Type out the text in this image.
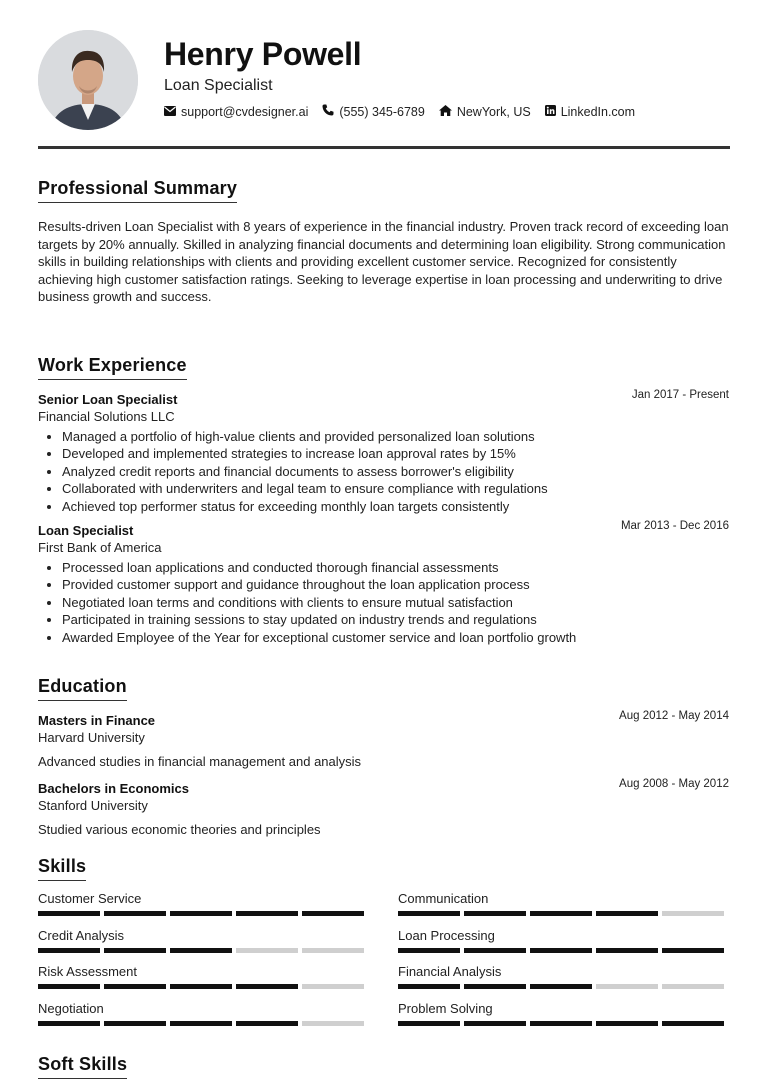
Henry Powell
Loan Specialist
support@cvdesigner.ai (555) 345-6789	NewYork, US LinkedIn.com
Professional Summary
Results-driven Loan Specialist with 8 years of experience in the financial industry. Proven track record of exceeding loan targets by 20% annually. Skilled in analyzing financial documents and determining loan eligibility. Strong communication skills in building relationships with clients and providing excellent customer service. Recognized for consistently achieving high customer satisfaction ratings. Seeking to leverage expertise in loan processing and underwriting to drive business growth and success.
Work Experience
Senior Loan Specialist	Jan 2017 - Present
Financial Solutions LLC
• Managed a portfolio of high-value clients and provided personalized loan solutions
• Developed and implemented strategies to increase loan approval rates by 15%
• Analyzed credit reports and financial documents to assess borrower's eligibility
• Collaborated with underwriters and legal team to ensure compliance with regulations
• Achieved top performer status for exceeding monthly loan targets consistently
Loan Specialist	Mar 2013 - Dec 2016
First Bank of America
• Processed loan applications and conducted thorough financial assessments
• Provided customer support and guidance throughout the loan application process
• Negotiated loan terms and conditions with clients to ensure mutual satisfaction
• Participated in training sessions to stay updated on industry trends and regulations
• Awarded Employee of the Year for exceptional customer service and loan portfolio growth
Education
Masters in Finance	Aug 2012 - May 2014
Harvard University
Advanced studies in financial management and analysis
Bachelors in Economics	Aug 2008 - May 2012
Stanford University
Studied various economic theories and principles
Skills
Customer Service	Communication
Credit Analysis	Loan Processing
Risk Assessment	Financial Analysis
Negotiation	Problem Solving
Soft Skills
